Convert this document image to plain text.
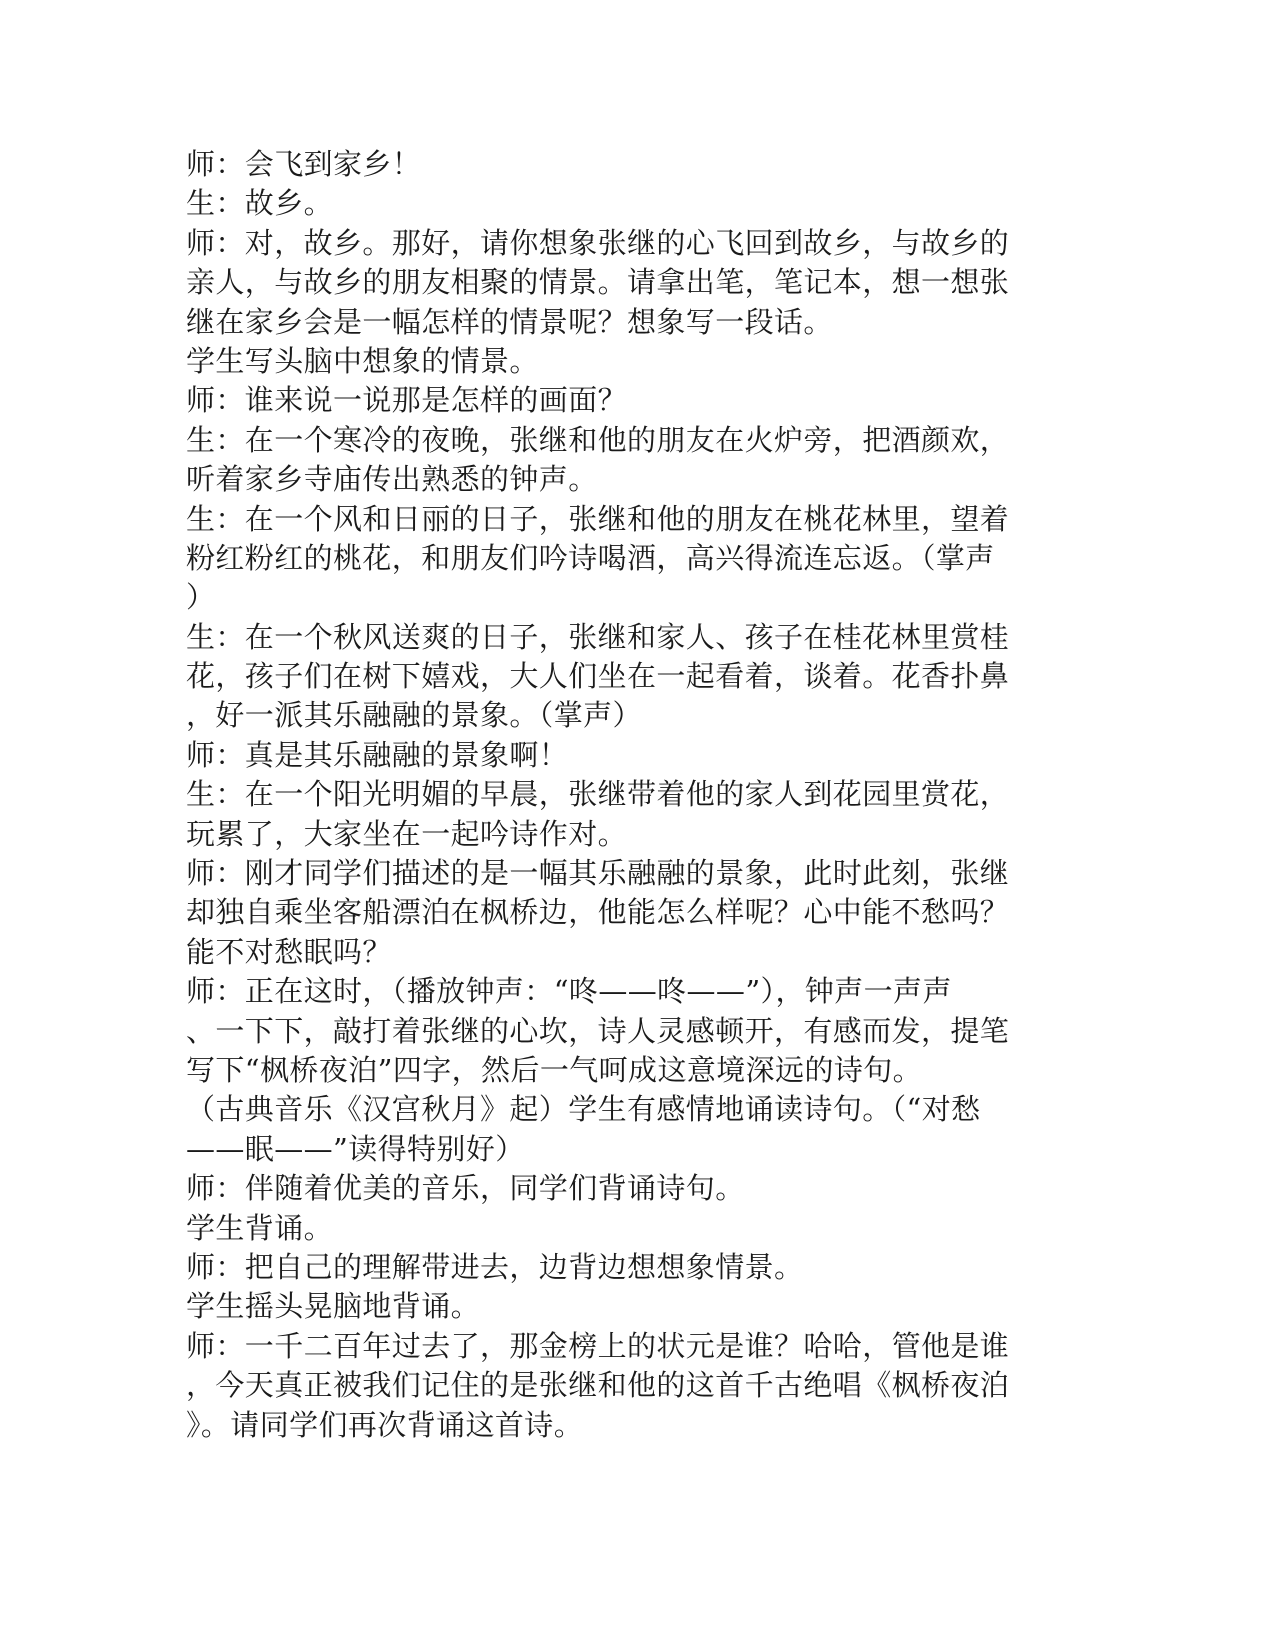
师：会飞到家乡！
生：故乡。
师：对，故乡。那好，请你想象张继的心飞回到故乡，与故乡的
亲人，与故乡的朋友相聚的情景。请拿出笔，笔记本，想一想张
继在家乡会是一幅怎样的情景呢？想象写一段话。
学生写头脑中想象的情景。
师：谁来说一说那是怎样的画面？
生：在一个寒冷的夜晚，张继和他的朋友在火炉旁，把酒颜欢，
听着家乡寺庙传出熟悉的钟声。
生：在一个风和日丽的日子，张继和他的朋友在桃花林里，望着
粉红粉红的桃花，和朋友们吟诗喝酒，高兴得流连忘返。（掌声
）
生：在一个秋风送爽的日子，张继和家人、孩子在桂花林里赏桂
花，孩子们在树下嬉戏，大人们坐在一起看着，谈着。花香扑鼻
，好一派其乐融融的景象。（掌声）
师：真是其乐融融的景象啊！
生：在一个阳光明媚的早晨，张继带着他的家人到花园里赏花，
玩累了，大家坐在一起吟诗作对。
师：刚才同学们描述的是一幅其乐融融的景象，此时此刻，张继
却独自乘坐客船漂泊在枫桥边，他能怎么样呢？心中能不愁吗？
能不对愁眠吗？
师：正在这时，（播放钟声：“咚——咚——”），钟声一声声
、一下下，敲打着张继的心坎，诗人灵感顿开，有感而发，提笔
写下“枫桥夜泊”四字，然后一气呵成这意境深远的诗句。
（古典音乐《汉宫秋月》起）学生有感情地诵读诗句。（“对愁
——眠——”读得特别好）
师：伴随着优美的音乐，同学们背诵诗句。
学生背诵。
师：把自己的理解带进去，边背边想想象情景。
学生摇头晃脑地背诵。
师：一千二百年过去了，那金榜上的状元是谁？哈哈，管他是谁
，今天真正被我们记住的是张继和他的这首千古绝唱《枫桥夜泊
》。请同学们再次背诵这首诗。
